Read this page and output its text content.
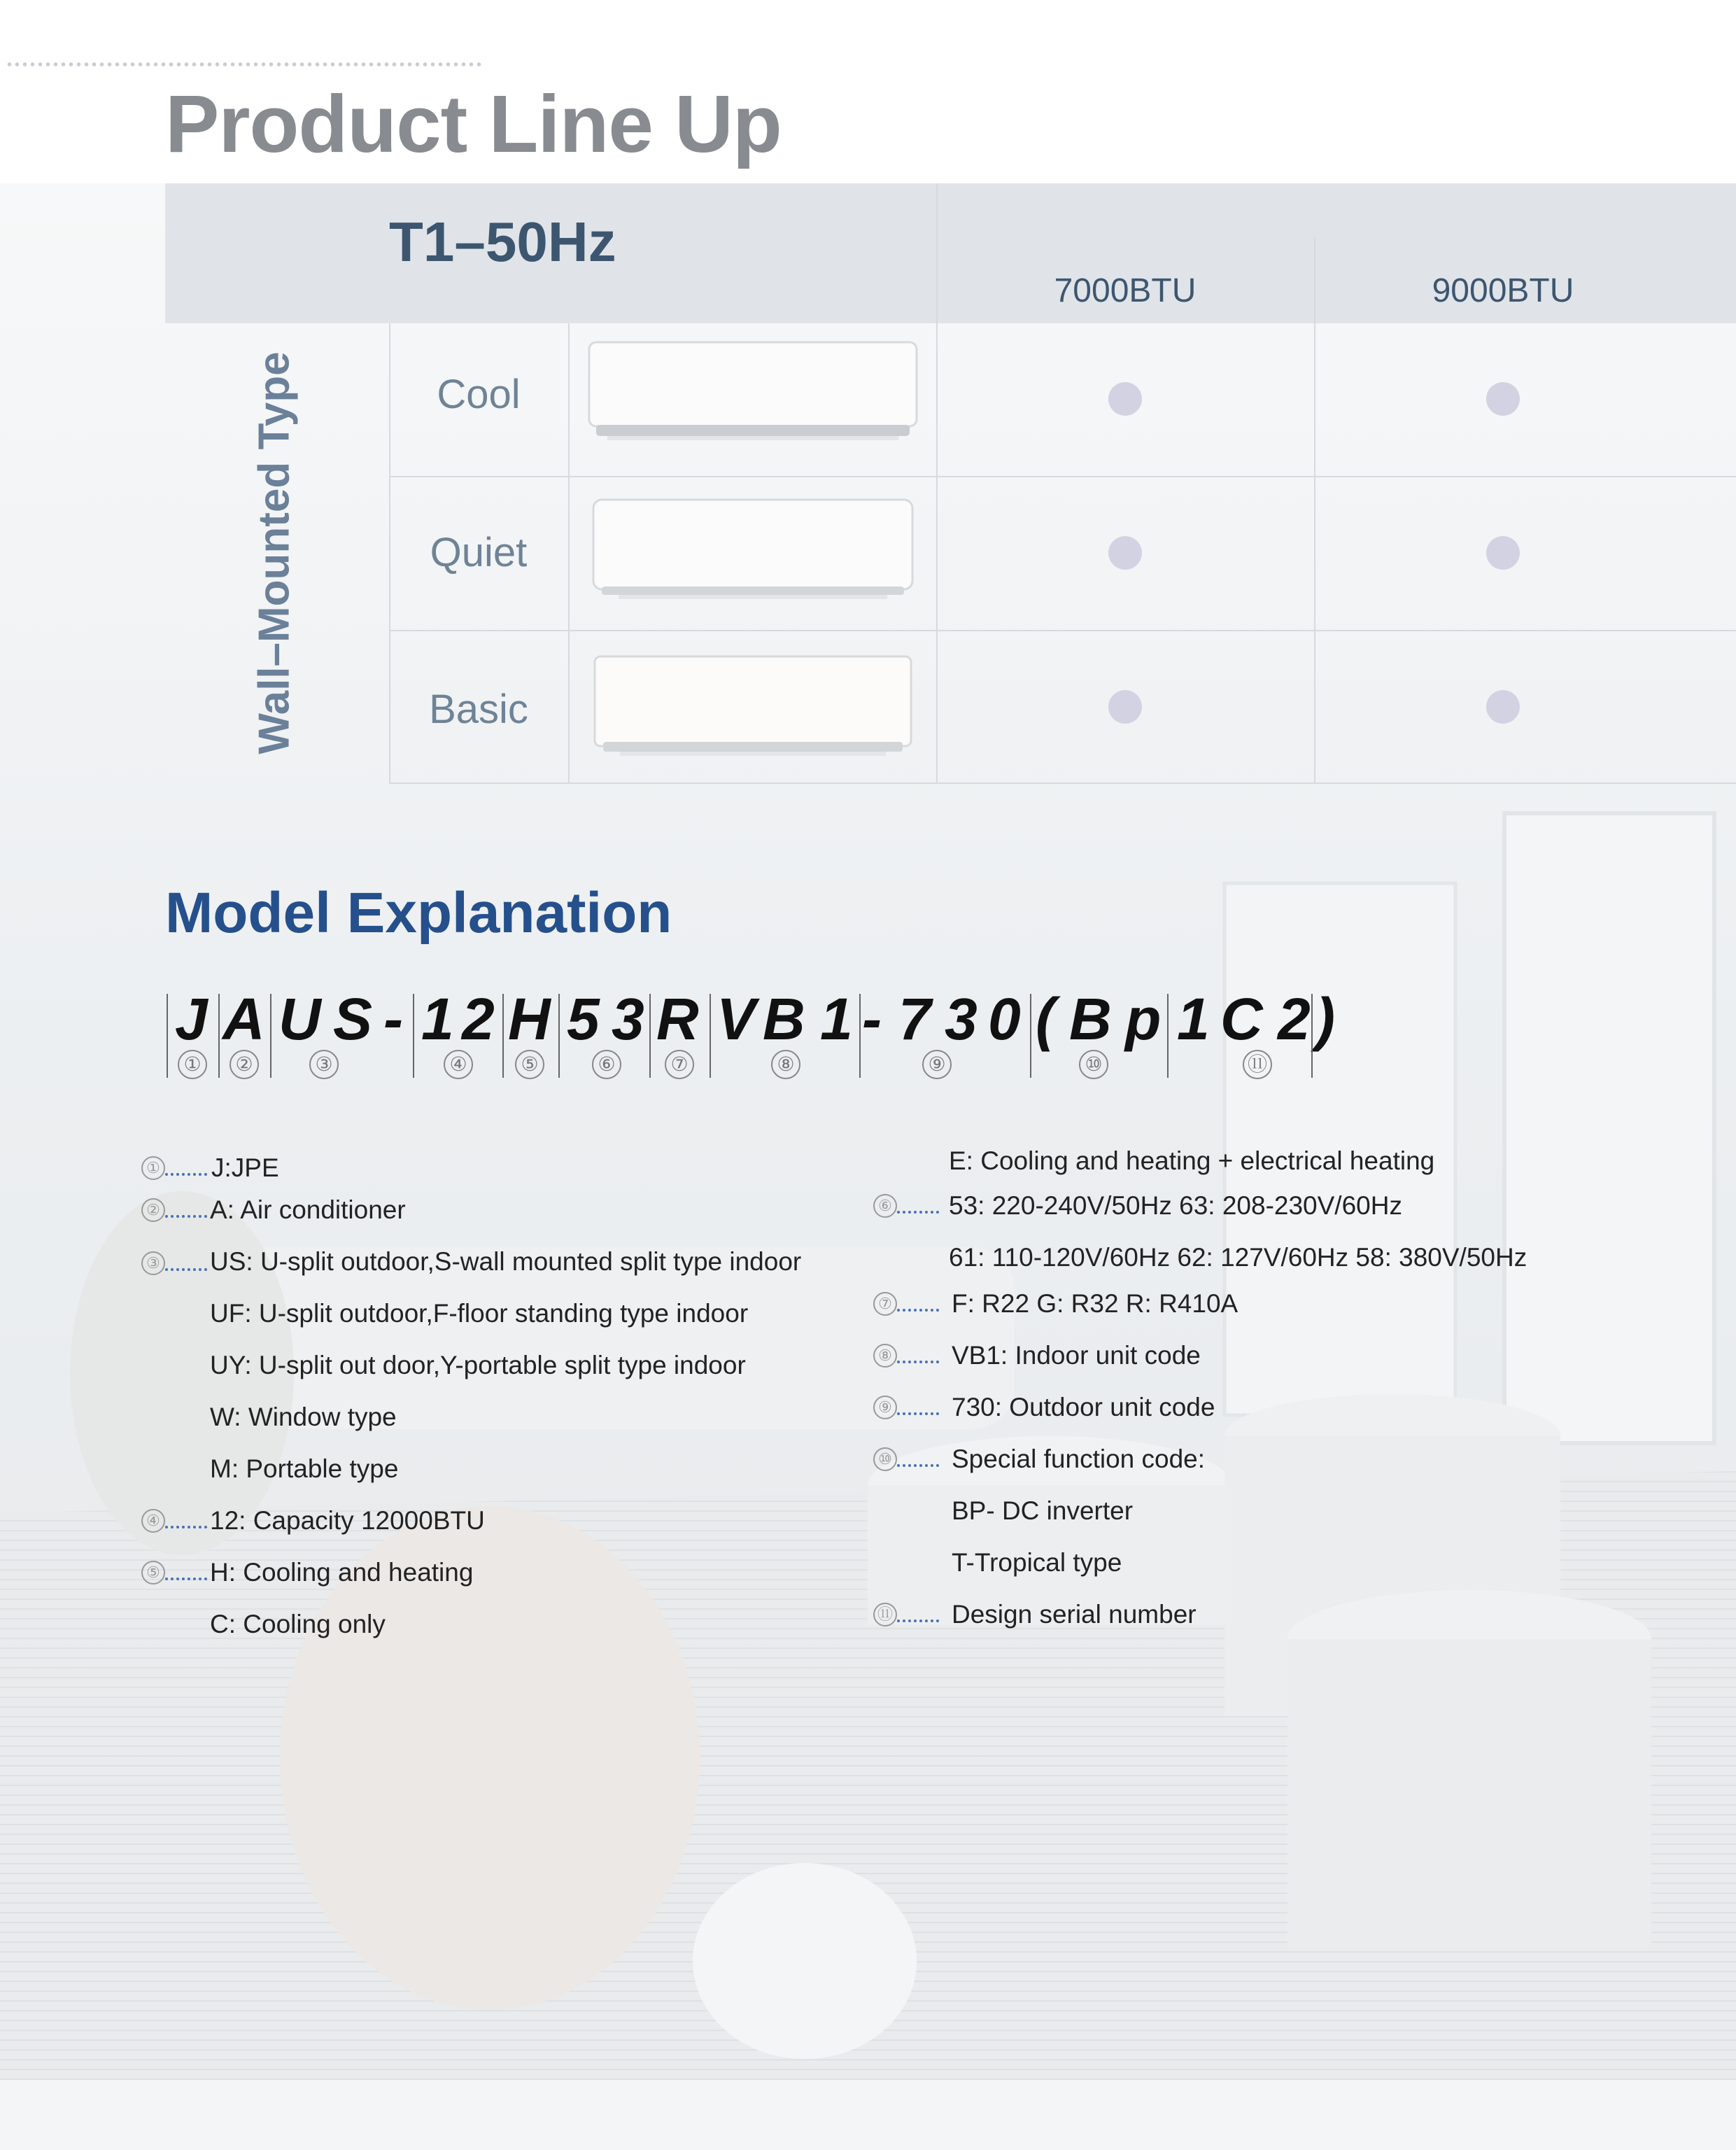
Product Line Up
T1–50Hz
7000BTU	9000BTU
Wall–Mounted Type	Cool
Quiet
Basic
Model Explanation
J A U S - 1 2 H 5 3 R V B 1 - 7 3 0 ( B p 1 C 2 )
①	②	③	④	⑤	⑥	⑦	⑧	⑨	⑩	⑪
① J:JPE
② A: Air conditioner
③ US: U-split outdoor,S-wall mounted split type indoor
UF: U-split outdoor,F-floor standing type indoor
UY: U-split out door,Y-portable split type indoor
W: Window type
M: Portable type
④ 12: Capacity 12000BTU
⑤ H: Cooling and heating
C: Cooling only
E: Cooling and heating + electrical heating
⑥ 53: 220-240V/50Hz 63: 208-230V/60Hz
61: 110-120V/60Hz 62: 127V/60Hz 58: 380V/50Hz
⑦ F: R22 G: R32 R: R410A
⑧ VB1: Indoor unit code
⑨ 730: Outdoor unit code
⑩ Special function code:
BP- DC inverter
T-Tropical type
⑪ Design serial number
